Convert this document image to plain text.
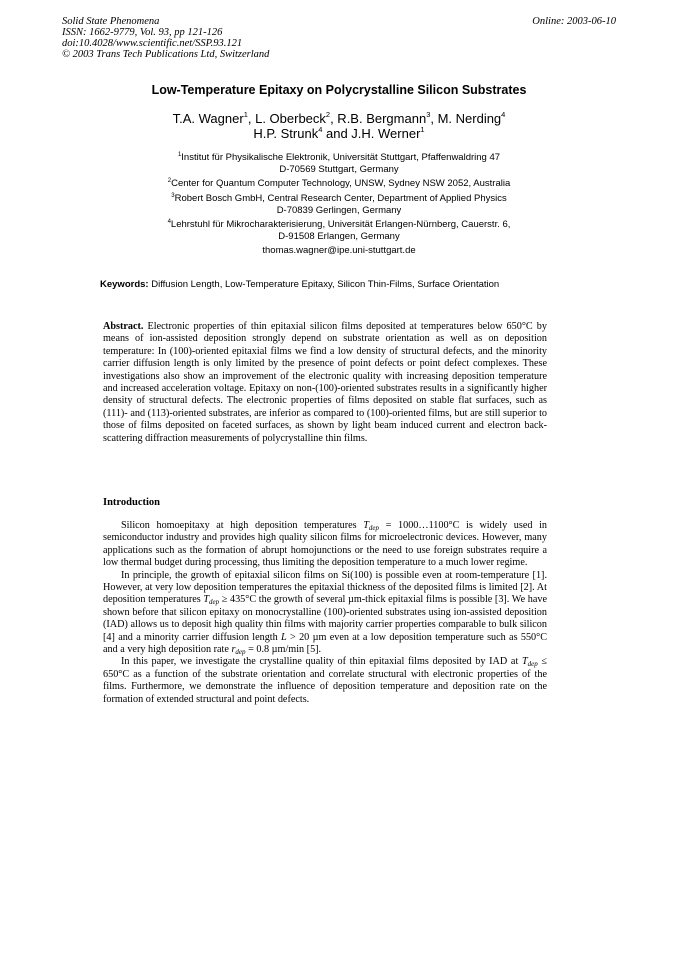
Solid State Phenomena
ISSN: 1662-9779, Vol. 93, pp 121-126
doi:10.4028/www.scientific.net/SSP.93.121
© 2003 Trans Tech Publications Ltd, Switzerland
Online: 2003-06-10
Low-Temperature Epitaxy on Polycrystalline Silicon Substrates
T.A. Wagner$^1$, L. Oberbeck$^2$, R.B. Bergmann$^3$, M. Nerding$^4$
H.P. Strunk$^4$ and J.H. Werner$^1$
$^1$Institut für Physikalische Elektronik, Universität Stuttgart, Pfaffenwaldring 47
D-70569 Stuttgart, Germany
$^2$Center for Quantum Computer Technology, UNSW, Sydney NSW 2052, Australia
$^3$Robert Bosch GmbH, Central Research Center, Department of Applied Physics
D-70839 Gerlingen, Germany
$^4$Lehrstuhl für Mikrocharakterisierung, Universität Erlangen-Nürnberg, Cauerstr. 6,
D-91508 Erlangen, Germany
thomas.wagner@ipe.uni-stuttgart.de
Keywords: Diffusion Length, Low-Temperature Epitaxy, Silicon Thin-Films, Surface Orientation
Abstract. Electronic properties of thin epitaxial silicon films deposited at temperatures below 650°C by means of ion-assisted deposition strongly depend on substrate orientation as well as on deposition temperature: In (100)-oriented epitaxial films we find a low density of structural defects, and the minority carrier diffusion length is only limited by the presence of point defects or point defect complexes. These investigations also show an improvement of the electronic quality with increasing deposition temperature and increased acceleration voltage. Epitaxy on non-(100)-oriented substrates results in a significantly higher density of structural defects. The electronic properties of films deposited on stable flat surfaces, such as (111)- and (113)-oriented substrates, are inferior as compared to (100)-oriented films, but are still superior to those of films deposited on faceted surfaces, as shown by light beam induced current and electron back-scattering diffraction measurements of polycrystalline thin films.
Introduction

Silicon homoepitaxy at high deposition temperatures $T_{dep}$ = 1000…1100°C is widely used in semiconductor industry and provides high quality silicon films for microelectronic devices. However, many applications such as the formation of abrupt homojunctions or the need to use foreign substrates require a low thermal budget during processing, thus limiting the deposition temperature to a much lower regime.

In principle, the growth of epitaxial silicon films on Si(100) is possible even at room-temperature [1]. However, at very low deposition temperatures the epitaxial thickness of the deposited films is limited [2]. At deposition temperatures $T_{dep} \ge 435^\circ C$ the growth of several µm-thick epitaxial films is possible [3]. We have shown before that silicon epitaxy on monocrystalline (100)-oriented substrates using ion-assisted deposition (IAD) allows us to deposit high quality thin films with majority carrier properties comparable to bulk silicon [4] and a minority carrier diffusion length L > 20 µm even at a low deposition temperature such as 550°C and a very high deposition rate $r_{dep} = 0.8$ µm/min [5].

In this paper, we investigate the crystalline quality of thin epitaxial films deposited by IAD at $T_{dep} \le 650^\circ C$ as a function of the substrate orientation and correlate structural with electronic properties of the films. Furthermore, we demonstrate the influence of deposition temperature and deposition rate on the formation of extended structural and point defects.
